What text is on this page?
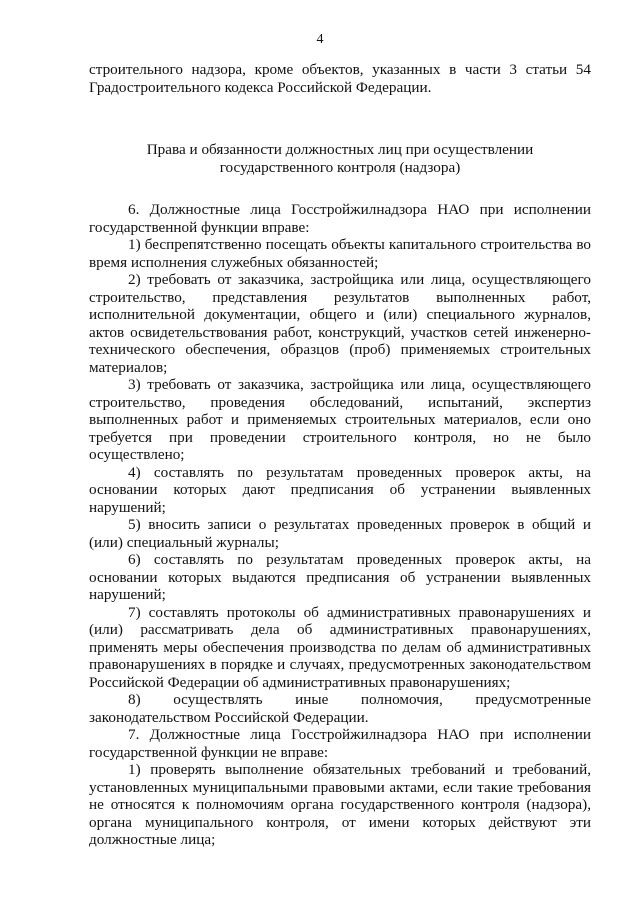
4

строительного надзора, кроме объектов, указанных в части 3 статьи 54 Градостроительного кодекса Российской Федерации.

Права и обязанности должностных лиц при осуществлении
государственного контроля (надзора)

6. Должностные лица Госстройжилнадзора НАО при исполнении государственной функции вправе:

1) беспрепятственно посещать объекты капитального строительства во время исполнения служебных обязанностей;

2) требовать от заказчика, застройщика или лица, осуществляющего строительство, представления результатов выполненных работ, исполнительной документации, общего и (или) специального журналов, актов освидетельствования работ, конструкций, участков сетей инженерно-технического обеспечения, образцов (проб) применяемых строительных материалов;

3) требовать от заказчика, застройщика или лица, осуществляющего строительство, проведения обследований, испытаний, экспертиз выполненных работ и применяемых строительных материалов, если оно требуется при проведении строительного контроля, но не было осуществлено;

4) составлять по результатам проведенных проверок акты, на основании которых дают предписания об устранении выявленных нарушений;

5) вносить записи о результатах проведенных проверок в общий и (или) специальный журналы;

6) составлять по результатам проведенных проверок акты, на основании которых выдаются предписания об устранении выявленных нарушений;

7) составлять протоколы об административных правонарушениях и (или) рассматривать дела об административных правонарушениях, применять меры обеспечения производства по делам об административных правонарушениях в порядке и случаях, предусмотренных законодательством Российской Федерации об административных правонарушениях;

8) осуществлять иные полномочия, предусмотренные законодательством Российской Федерации.

7. Должностные лица Госстройжилнадзора НАО при исполнении государственной функции не вправе:

1) проверять выполнение обязательных требований и требований, установленных муниципальными правовыми актами, если такие требования не относятся к полномочиям органа государственного контроля (надзора), органа муниципального контроля, от имени которых действуют эти должностные лица;
